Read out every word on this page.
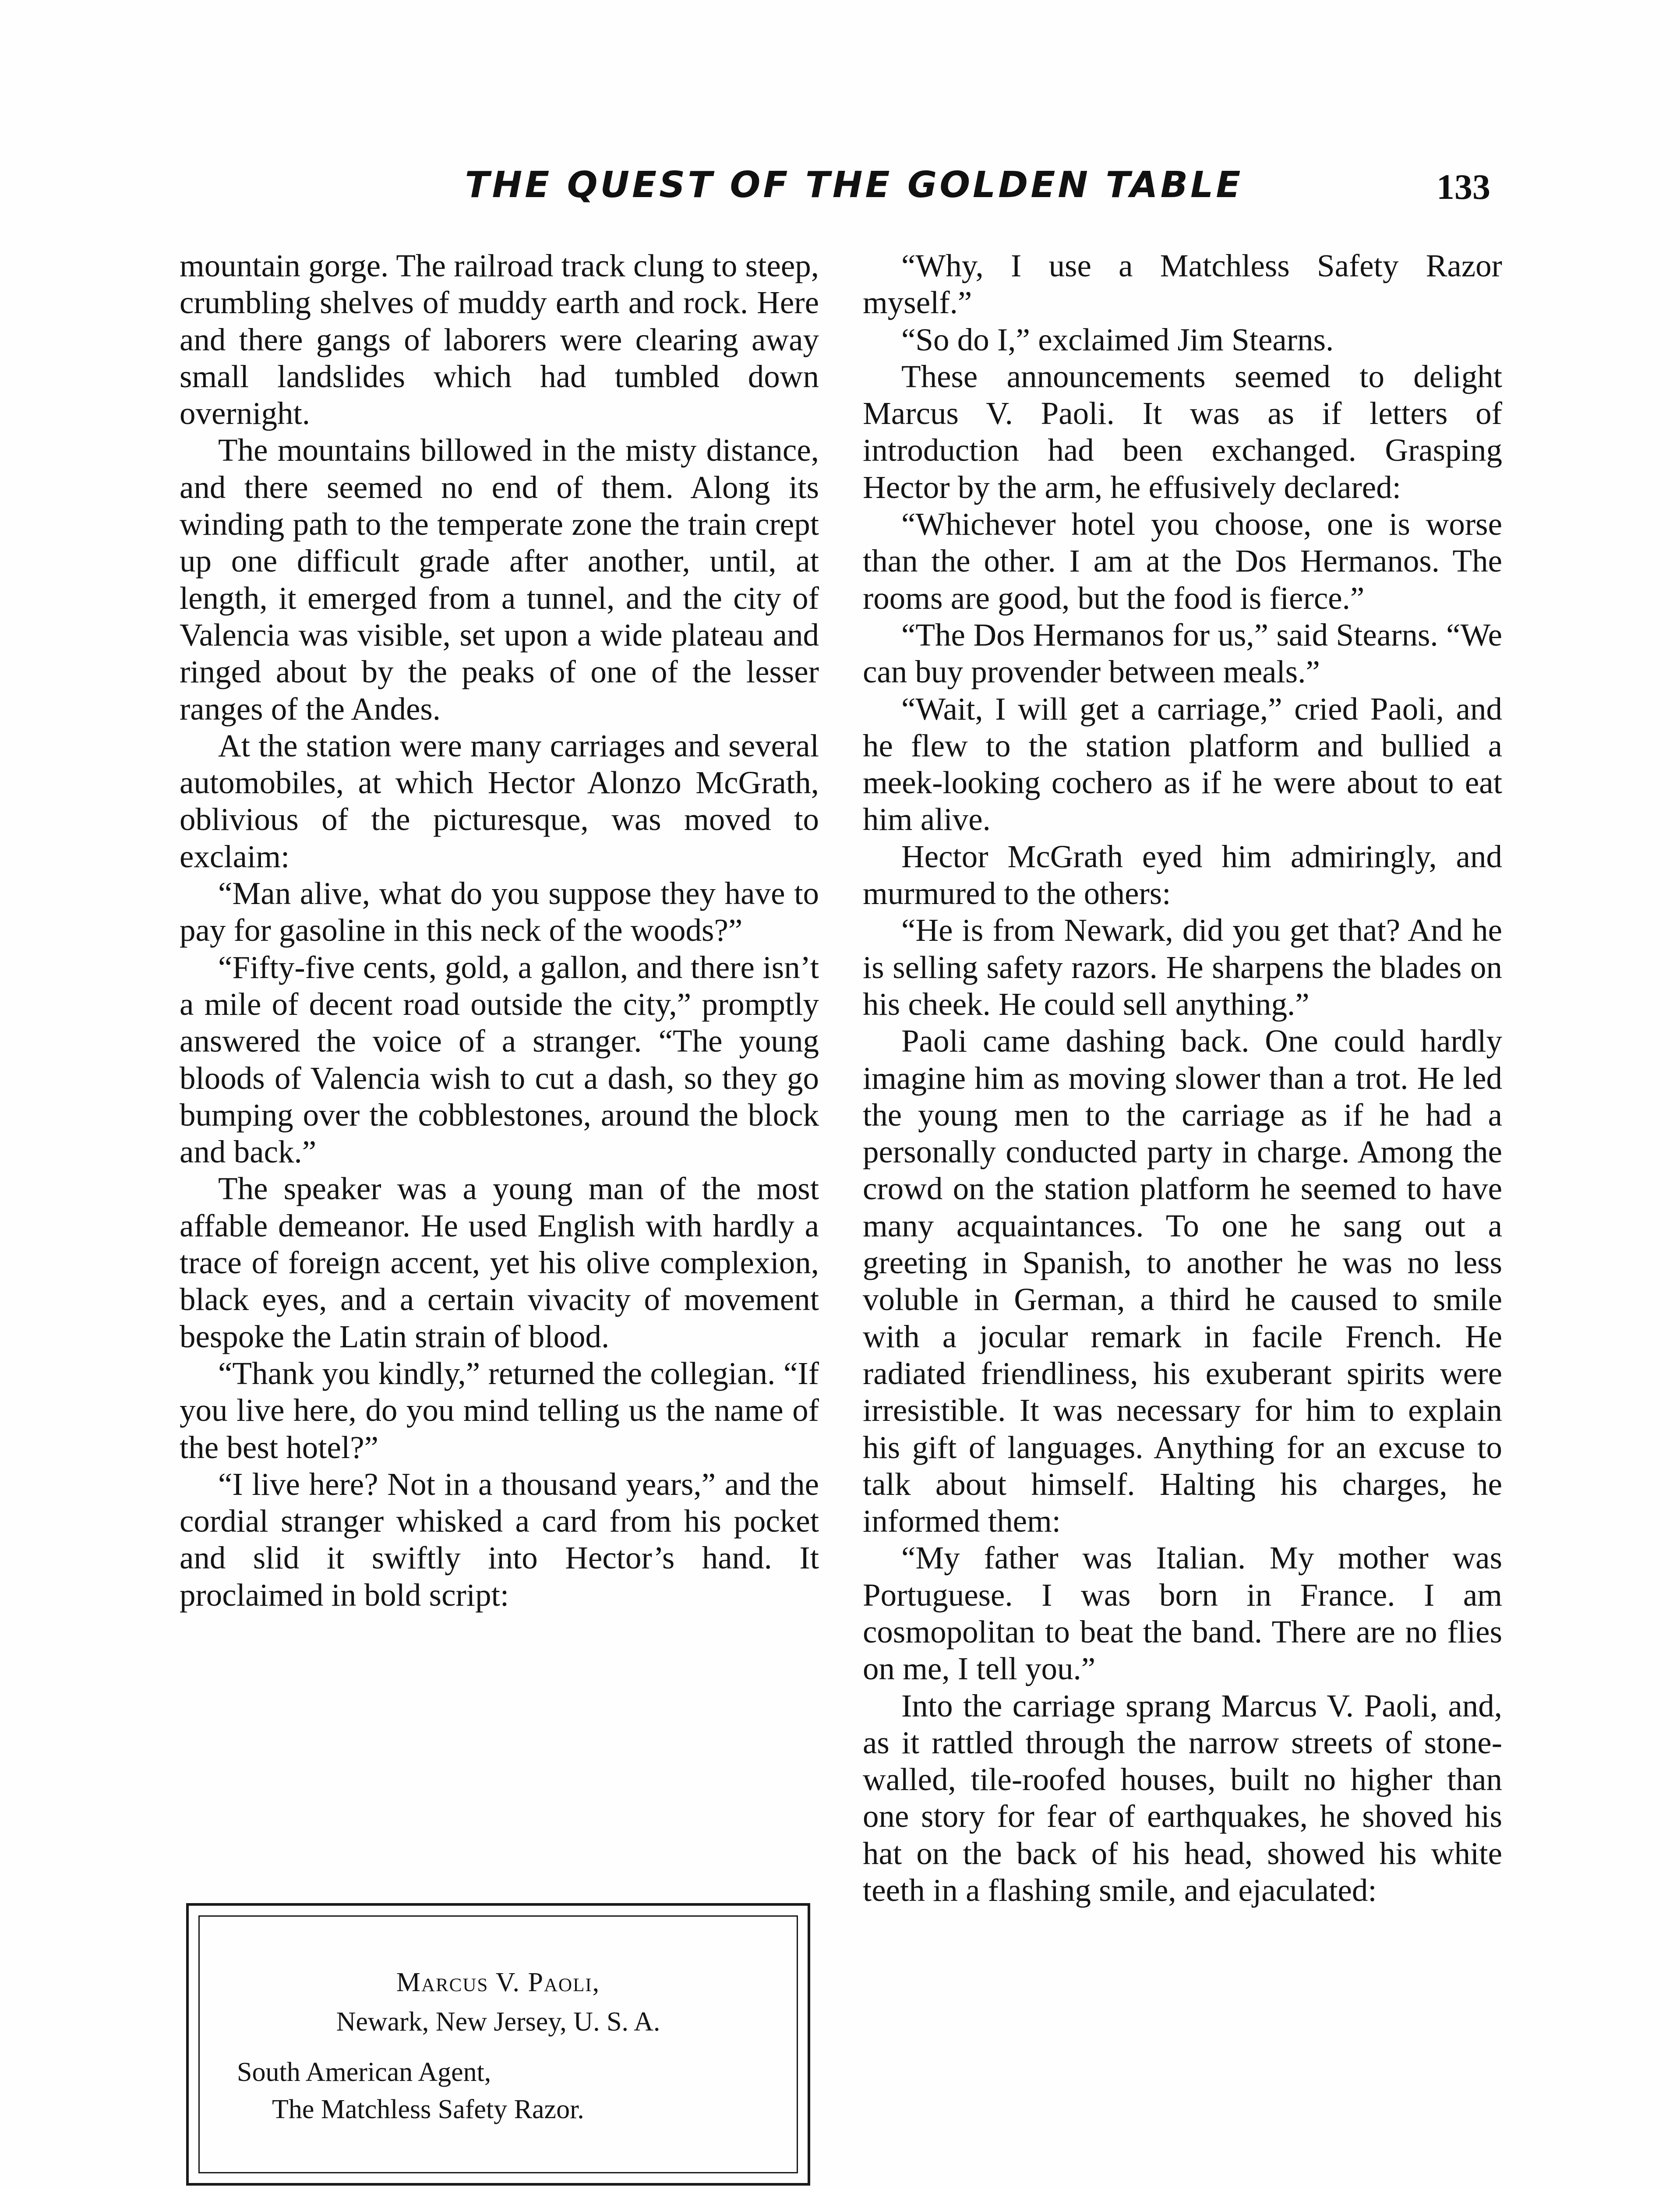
THE QUEST OF THE GOLDEN TABLE	133

mountain gorge. The railroad track clung to steep, crumbling shelves of muddy earth and rock. Here and there gangs of laborers were clearing away small landslides which had tumbled down overnight.

The mountains billowed in the misty distance, and there seemed no end of them. Along its winding path to the temperate zone the train crept up one difficult grade after another, until, at length, it emerged from a tunnel, and the city of Valencia was visible, set upon a wide plateau and ringed about by the peaks of one of the lesser ranges of the Andes.

At the station were many carriages and several automobiles, at which Hector Alonzo McGrath, oblivious of the picturesque, was moved to exclaim:

“Man alive, what do you suppose they have to pay for gasoline in this neck of the woods?”

“Fifty-five cents, gold, a gallon, and there isn’t a mile of decent road outside the city,” promptly answered the voice of a stranger. “The young bloods of Valencia wish to cut a dash, so they go bumping over the cobblestones, around the block and back.”

The speaker was a young man of the most affable demeanor. He used English with hardly a trace of foreign accent, yet his olive complexion, black eyes, and a certain vivacity of movement bespoke the Latin strain of blood.

“Thank you kindly,” returned the collegian. “If you live here, do you mind telling us the name of the best hotel?”

“I live here? Not in a thousand years,” and the cordial stranger whisked a card from his pocket and slid it swiftly into Hector’s hand. It proclaimed in bold script:

Marcus V. Paoli,
Newark, New Jersey, U. S. A.
South American Agent,
The Matchless Safety Razor.

“Why, I use a Matchless Safety Razor myself.”

“So do I,” exclaimed Jim Stearns.

These announcements seemed to delight Marcus V. Paoli. It was as if letters of introduction had been exchanged. Grasping Hector by the arm, he effusively declared:

“Whichever hotel you choose, one is worse than the other. I am at the Dos Hermanos. The rooms are good, but the food is fierce.”

“The Dos Hermanos for us,” said Stearns. “We can buy provender between meals.”

“Wait, I will get a carriage,” cried Paoli, and he flew to the station platform and bullied a meek-looking cochero as if he were about to eat him alive.

Hector McGrath eyed him admiringly, and murmured to the others:

“He is from Newark, did you get that? And he is selling safety razors. He sharpens the blades on his cheek. He could sell anything.”

Paoli came dashing back. One could hardly imagine him as moving slower than a trot. He led the young men to the carriage as if he had a personally conducted party in charge. Among the crowd on the station platform he seemed to have many acquaintances. To one he sang out a greeting in Spanish, to another he was no less voluble in German, a third he caused to smile with a jocular remark in facile French. He radiated friendliness, his exuberant spirits were irresistible. It was necessary for him to explain his gift of languages. Anything for an excuse to talk about himself. Halting his charges, he informed them:

“My father was Italian. My mother was Portuguese. I was born in France. I am cosmopolitan to beat the band. There are no flies on me, I tell you.”

Into the carriage sprang Marcus V. Paoli, and, as it rattled through the narrow streets of stone-walled, tile-roofed houses, built no higher than one story for fear of earthquakes, he shoved his hat on the back of his head, showed his white teeth in a flashing smile, and ejaculated:
